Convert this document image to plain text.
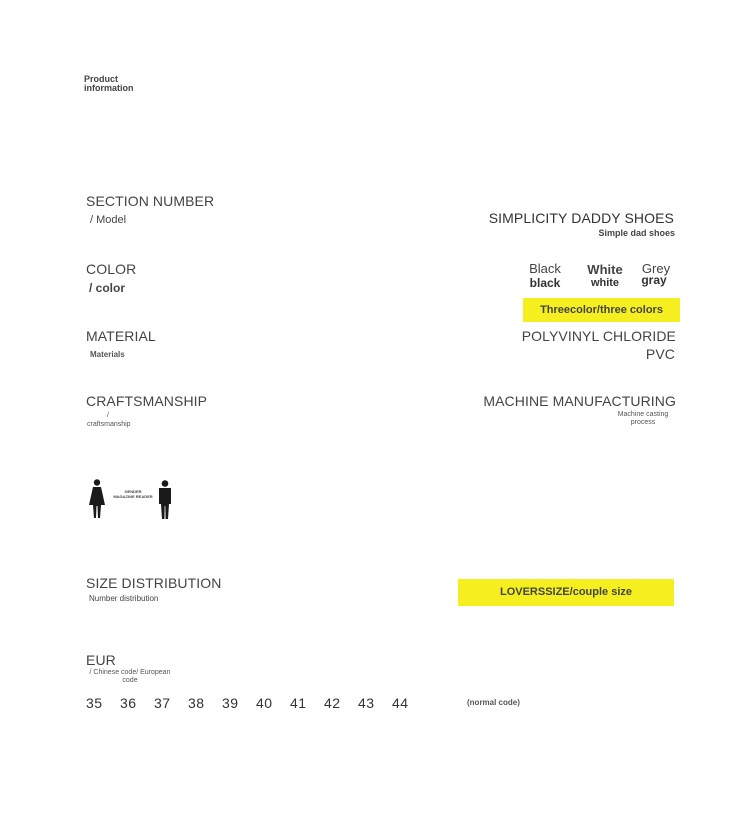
Product
information
SECTION NUMBER
/ Model	SIMPLICITY DADDY SHOES
Simple dad shoes
COLOR
/ color
Black
black
White
white
Grey
gray
Threecolor/three colors
MATERIAL
Materials
POLYVINYL CHLORIDE
PVC
CRAFTSMANSHIP
/
craftsmanship
MACHINE MANUFACTURING
Machine casting
process
GENDER
MAGAZINE READER
SIZE DISTRIBUTION
Number distribution
LOVERSSIZE/couple size
EUR
/ Chinese code/ European
code
35 36 37 38 39 40 41 42 43 44	(normal code)
